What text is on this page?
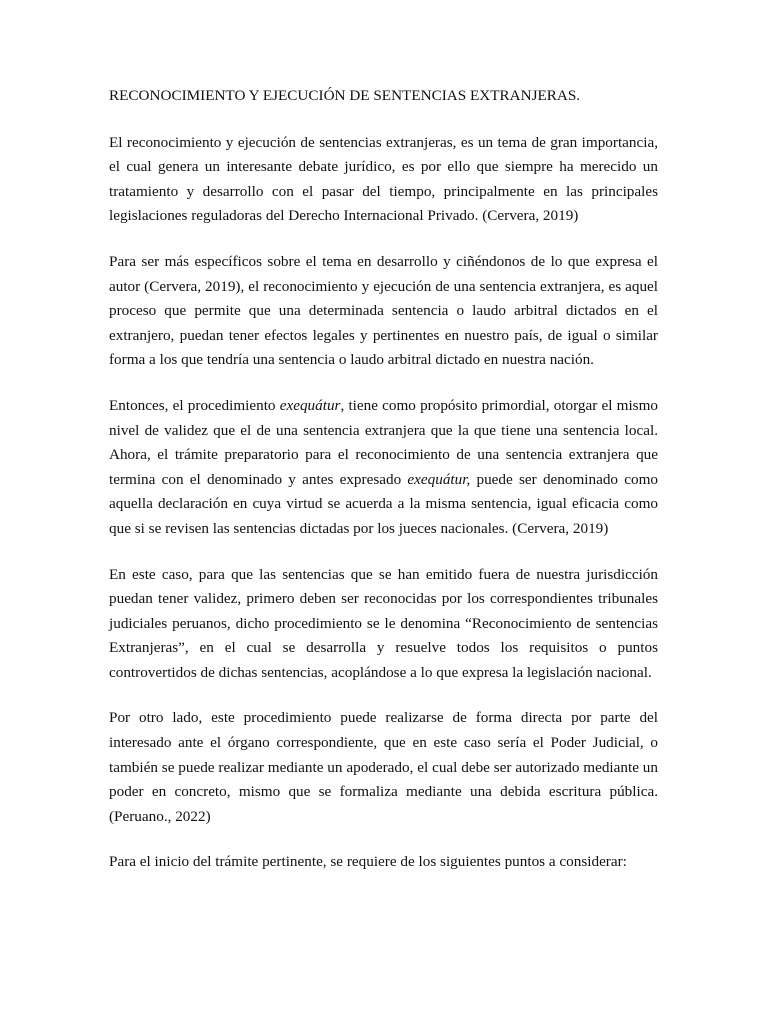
RECONOCIMIENTO Y EJECUCIÓN DE SENTENCIAS EXTRANJERAS.

El reconocimiento y ejecución de sentencias extranjeras, es un tema de gran importancia, el cual genera un interesante debate jurídico, es por ello que siempre ha merecido un tratamiento y desarrollo con el pasar del tiempo, principalmente en las principales legislaciones reguladoras del Derecho Internacional Privado. (Cervera, 2019)

Para ser más específicos sobre el tema en desarrollo y ciñéndonos de lo que expresa el autor (Cervera, 2019), el reconocimiento y ejecución de una sentencia extranjera, es aquel proceso que permite que una determinada sentencia o laudo arbitral dictados en el extranjero, puedan tener efectos legales y pertinentes en nuestro país, de igual o similar forma a los que tendría una sentencia o laudo arbitral dictado en nuestra nación.

Entonces, el procedimiento exequátur, tiene como propósito primordial, otorgar el mismo nivel de validez que el de una sentencia extranjera que la que tiene una sentencia local. Ahora, el trámite preparatorio para el reconocimiento de una sentencia extranjera que termina con el denominado y antes expresado exequátur, puede ser denominado como aquella declaración en cuya virtud se acuerda a la misma sentencia, igual eficacia como que si se revisen las sentencias dictadas por los jueces nacionales. (Cervera, 2019)

En este caso, para que las sentencias que se han emitido fuera de nuestra jurisdicción puedan tener validez, primero deben ser reconocidas por los correspondientes tribunales judiciales peruanos, dicho procedimiento se le denomina “Reconocimiento de sentencias Extranjeras”, en el cual se desarrolla y resuelve todos los requisitos o puntos controvertidos de dichas sentencias, acoplándose a lo que expresa la legislación nacional.

Por otro lado, este procedimiento puede realizarse de forma directa por parte del interesado ante el órgano correspondiente, que en este caso sería el Poder Judicial, o también se puede realizar mediante un apoderado, el cual debe ser autorizado mediante un poder en concreto, mismo que se formaliza mediante una debida escritura pública. (Peruano., 2022)

Para el inicio del trámite pertinente, se requiere de los siguientes puntos a considerar:
